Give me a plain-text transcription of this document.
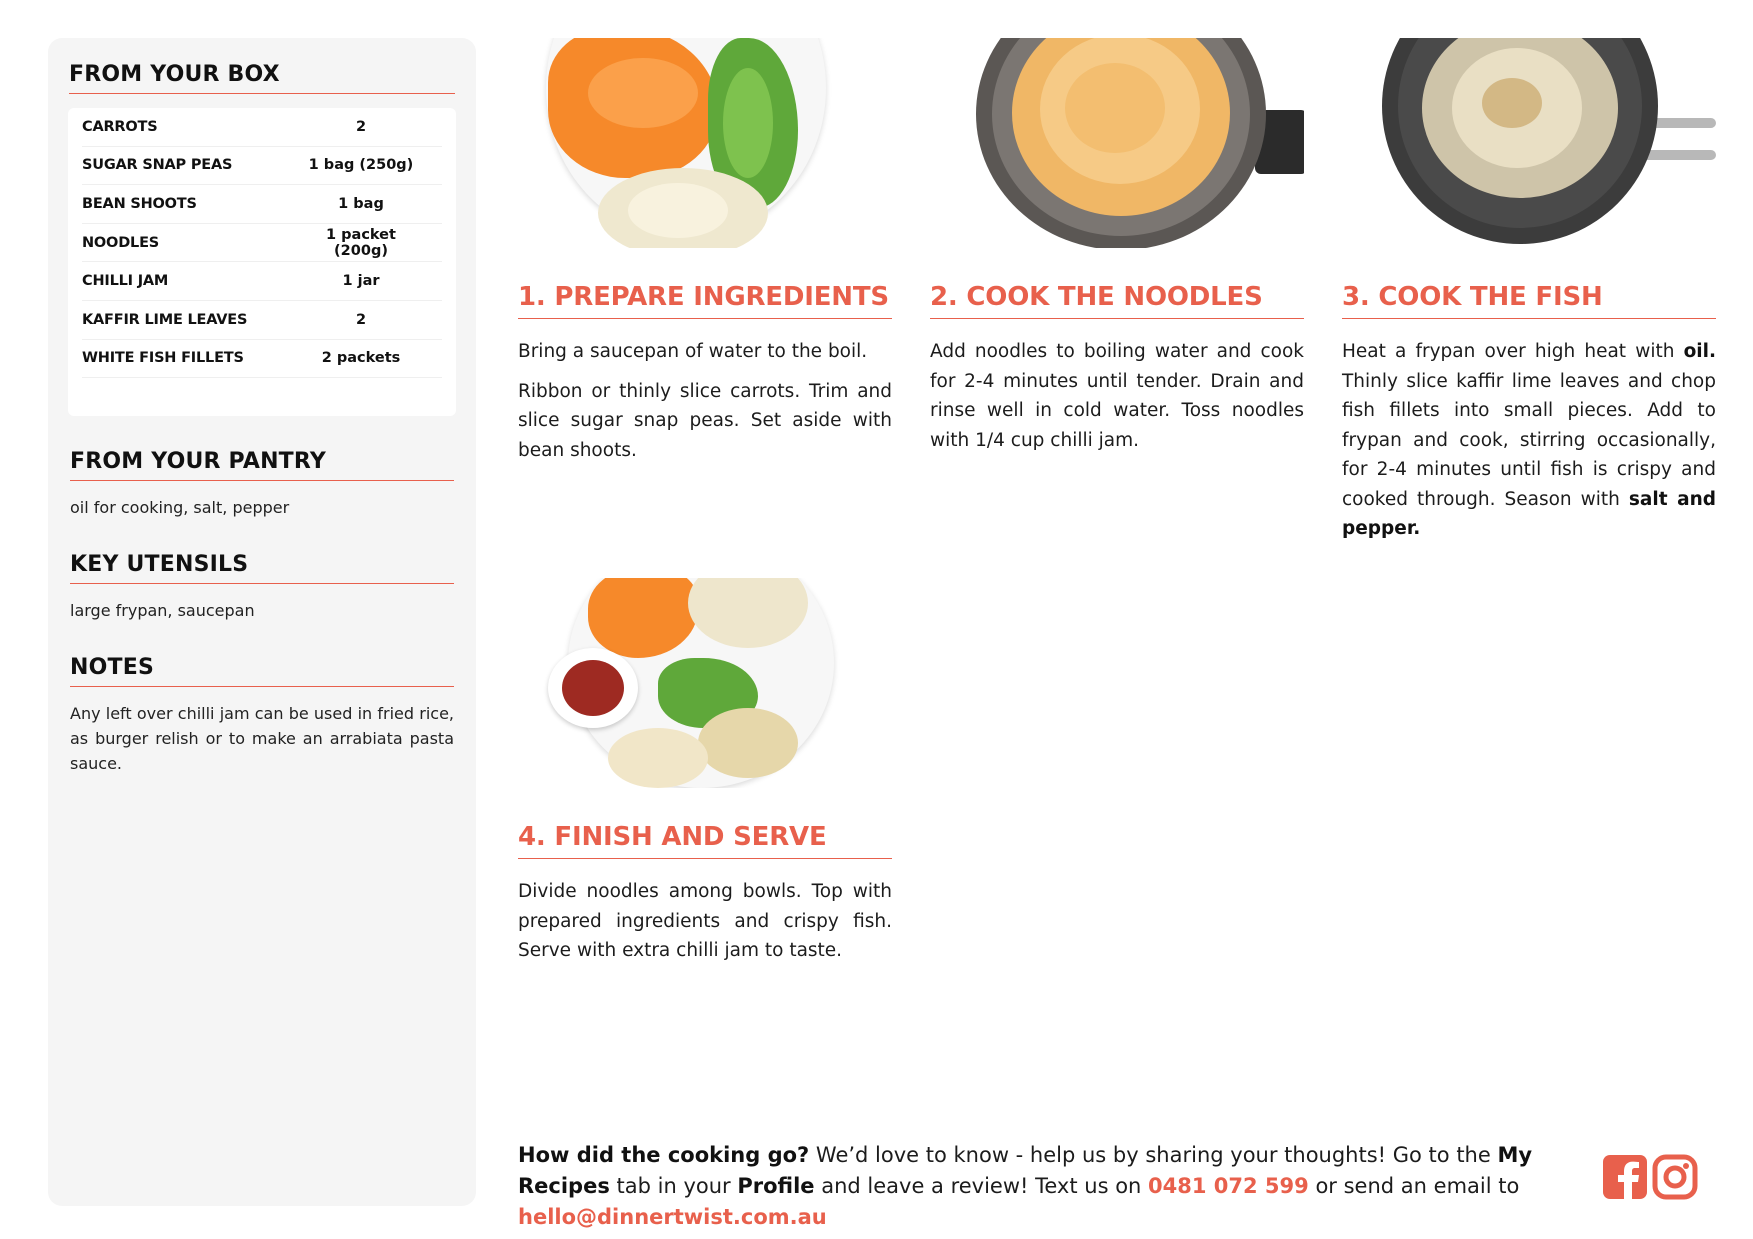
FROM YOUR BOX
CARROTS	2
SUGAR SNAP PEAS	1 bag (250g)
BEAN SHOOTS	1 bag
NOODLES	1 packet (200g)
CHILLI JAM	1 jar
KAFFIR LIME LEAVES	2
WHITE FISH FILLETS	2 packets
FROM YOUR PANTRY

oil for cooking, salt, pepper

KEY UTENSILS

large frypan, saucepan

NOTES

Any left over chilli jam can be used in fried rice, as burger relish or to make an arrabiata pasta sauce.

1. PREPARE INGREDIENTS

Bring a saucepan of water to the boil.

Ribbon or thinly slice carrots. Trim and slice sugar snap peas. Set aside with bean shoots.

2. COOK THE NOODLES

Add noodles to boiling water and cook for 2-4 minutes until tender. Drain and rinse well in cold water. Toss noodles with 1/4 cup chilli jam.

3. COOK THE FISH

Heat a frypan over high heat with oil. Thinly slice kaffir lime leaves and chop fish fillets into small pieces. Add to frypan and cook, stirring occasionally, for 2-4 minutes until fish is crispy and cooked through. Season with salt and pepper.

4. FINISH AND SERVE

Divide noodles among bowls. Top with prepared ingredients and crispy fish. Serve with extra chilli jam to taste.

How did the cooking go? We’d love to know - help us by sharing your thoughts! Go to the My Recipes tab in your Profile and leave a review! Text us on 0481 072 599 or send an email to hello@dinnertwist.com.au
